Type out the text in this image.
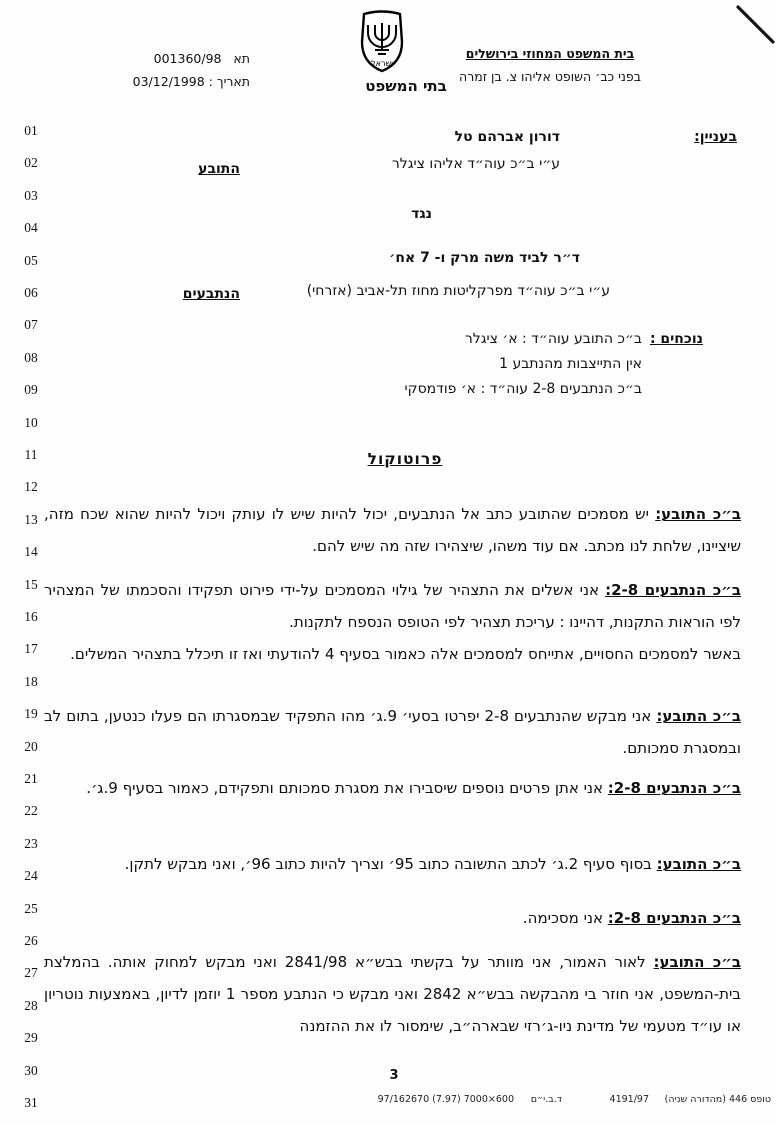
ישראל
בתי המשפט
תא   001360/98
תאריך : 03/12/1998
בית המשפט המחוזי בירושלים
בפני כב׳ השופט אליהו צ. בן זמרה
01
02
03
04
05
06
07
08
09
10
11
12
13
14
15
16
17
18
19
20
21
22
23
24
25
26
27
28
29
30
31
בעניין:
דורון אברהם טל
ע״י ב״כ עוה״ד אליהו ציגלר
התובע
נגד
ד״ר לביד משה מרק ו- 7 אח׳
ע״י ב״כ עוה״ד מפרקליטות מחוז תל-אביב (אזרחי)
הנתבעים
נוכחים :
ב״כ התובע עוה״ד : א׳ ציגלר
אין התייצבות מהנתבע 1
ב״כ הנתבעים 2-8 עוה״ד : א׳ פודמסקי
פרוטוקול
ב״כ התובע: יש מסמכים שהתובע כתב אל הנתבעים, יכול להיות שיש לו עותק ויכול להיות שהוא שכח מזה, שיציינו, שלחת לנו מכתב. אם עוד משהו, שיצהירו שזה מה שיש להם.
ב״כ הנתבעים 2-8: אני אשלים את התצהיר של גילוי המסמכים על-ידי פירוט תפקידו והסכמתו של המצהיר לפי הוראות התקנות, דהיינו : עריכת תצהיר לפי הטופס הנספח לתקנות.
באשר למסמכים החסויים, אתייחס למסמכים אלה כאמור בסעיף 4 להודעתי ואז זו תיכלל בתצהיר המשלים.
ב״כ התובע: אני מבקש שהנתבעים 2-8 יפרטו בסעי׳ 9.ג׳ מהו התפקיד שבמסגרתו הם פעלו כנטען, בתום לב ובמסגרת סמכותם.
ב״כ הנתבעים 2-8: אני אתן פרטים נוספים שיסבירו את מסגרת סמכותם ותפקידם, כאמור בסעיף 9.ג׳.
ב״כ התובע: בסוף סעיף 2.ג׳ לכתב התשובה כתוב 95׳ וצריך להיות כתוב 96׳, ואני מבקש לתקן.
ב״כ הנתבעים 2-8: אני מסכימה.
ב״כ התובע: לאור האמור, אני מוותר על בקשתי בבש״א 2841/98 ואני מבקש למחוק אותה. בהמלצת בית-המשפט, אני חוזר בי מהבקשה בבש״א 2842 ואני מבקש כי הנתבע מספר 1 יוזמן לדיון, באמצעות נוטריון או עו״ד מטעמי של מדינת ניו-ג׳רזי שבארה״ב, שימסור לו את ההזמנה
3
טופס 446 (מהדורה שניה)
4191/97
ד.ב.י״ם
97/162670 (7.97) 7000×600
